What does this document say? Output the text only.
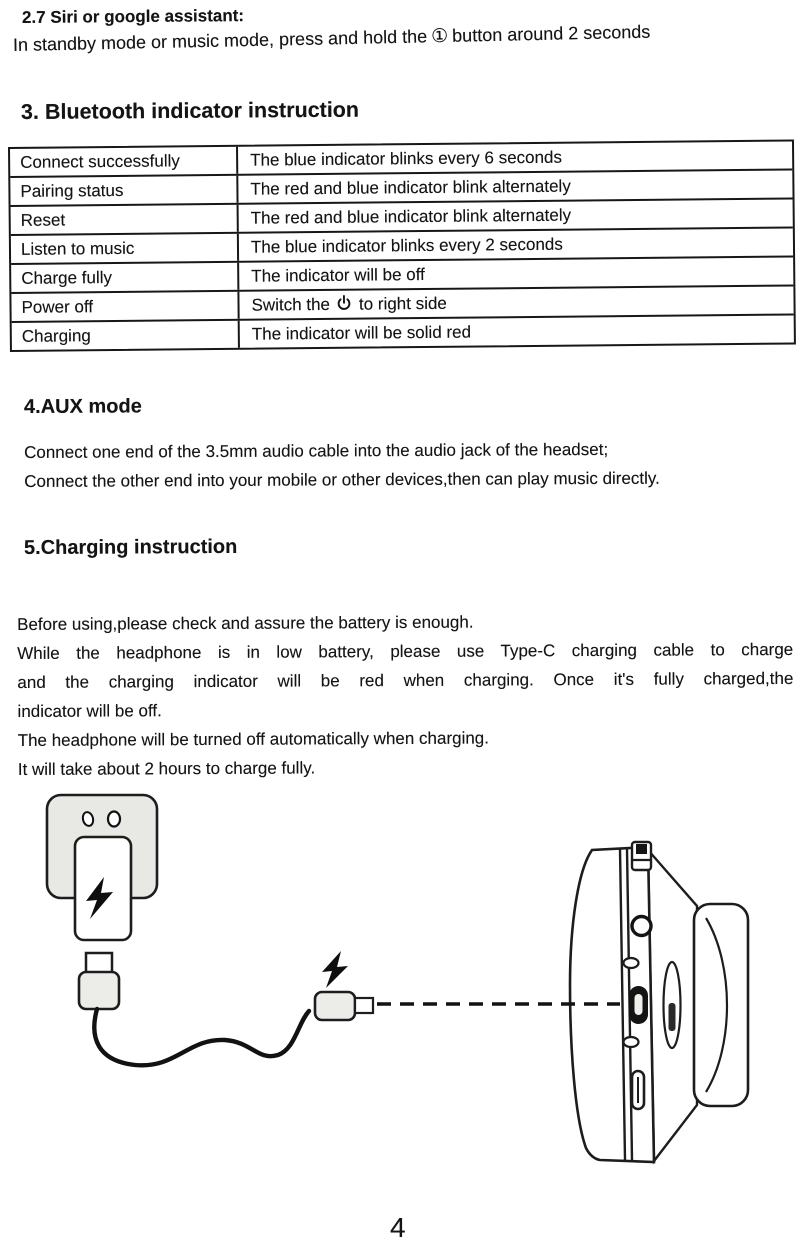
2.7 Siri or google assistant:
In standby mode or music mode, press and hold the ① button around 2 seconds
3. Bluetooth indicator instruction
Connect successfully	The blue indicator blinks every 6 seconds
Pairing status	The red and blue indicator blink alternately
Reset	The red and blue indicator blink alternately
Listen to music	The blue indicator blinks every 2 seconds
Charge fully	The indicator will be off
Power off	Switch the to right side
Charging	The indicator will be solid red
4.AUX mode
Connect one end of the 3.5mm audio cable into the audio jack of the headset;
Connect the other end into your mobile or other devices,then can play music directly.
5.Charging instruction
Before using,please check and assure the battery is enough.
While the headphone is in low battery, please use Type-C charging cable to charge
and the charging indicator will be red when charging. Once it's fully charged,the
indicator will be off.
The headphone will be turned off automatically when charging.
It will take about 2 hours to charge fully.
4
